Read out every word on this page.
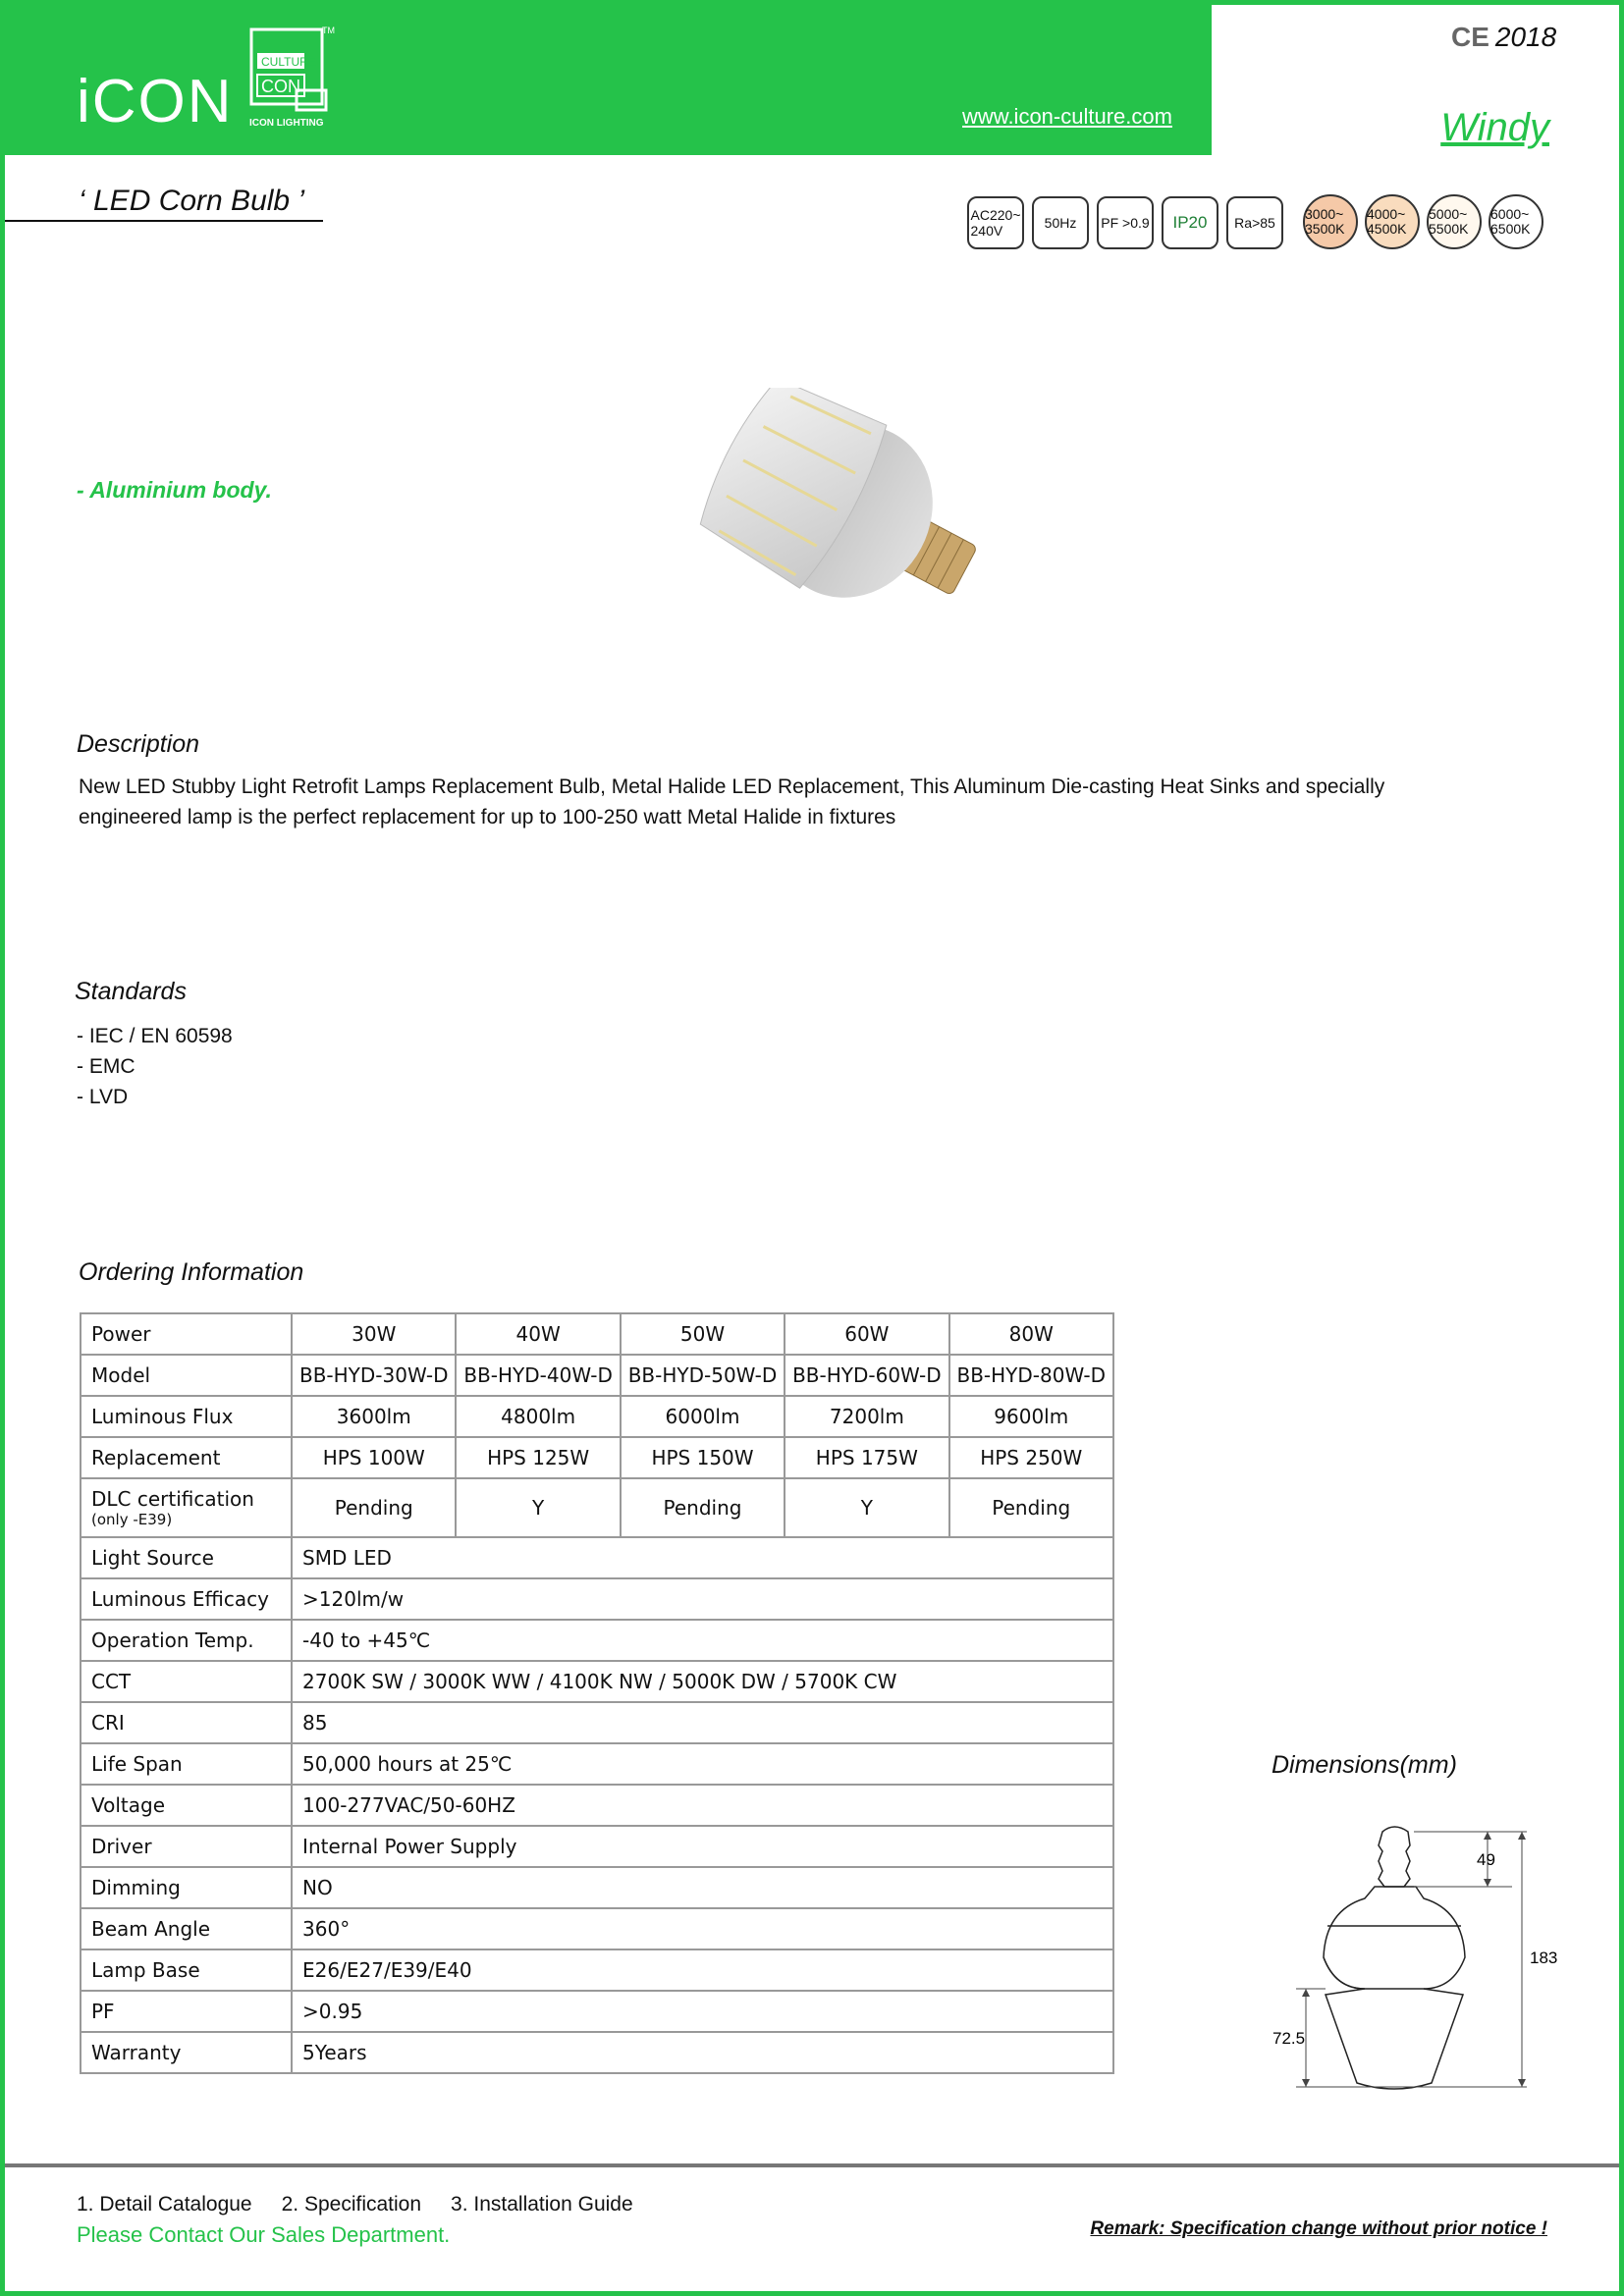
iCON
CULTURE
CON
TM
ICON LIGHTING	www.icon-culture.com
CE 2018
Windy
‘ LED Corn Bulb ’	AC220~ 240V	50Hz	PF >0.9	IP20	Ra>85
3000~ 3500K
4000~ 4500K
5000~ 5500K
6000~ 6500K
- Aluminium body.
Description
New LED Stubby Light Retrofit Lamps Replacement Bulb, Metal Halide LED Replacement, This Aluminum Die-casting Heat Sinks and specially engineered lamp is the perfect replacement for up to 100-250 watt Metal Halide in fixtures
Standards
- IEC / EN 60598
- EMC
- LVD
Ordering Information
Power	30W	40W	50W	60W	80W
Model	BB-HYD-30W-D	BB-HYD-40W-D	BB-HYD-50W-D	BB-HYD-60W-D	BB-HYD-80W-D
Luminous Flux	3600lm	4800lm	6000lm	7200lm	9600lm
Replacement	HPS 100W	HPS 125W	HPS 150W	HPS 175W	HPS 250W
DLC certification
(only -E39)	Pending	Y	Pending	Y	Pending
Light Source	SMD LED				
Luminous Efficacy	>120lm/w				
Operation Temp.	-40 to +45℃				
CCT	2700K SW / 3000K WW / 4100K NW / 5000K DW / 5700K CW				
CRI	85				
Life Span	50,000 hours at 25℃				
Voltage	100-277VAC/50-60HZ				
Driver	Internal Power Supply				
Dimming	NO				
Beam Angle	360°				
Lamp Base	E26/E27/E39/E40				
PF	>0.95				
Warranty	5Years				
Dimensions(mm)
49
183
72.5
1. Detail Catalogue 2. Specification 3. Installation Guide
Please Contact Our Sales Department.	Remark: Specification change without prior notice !
